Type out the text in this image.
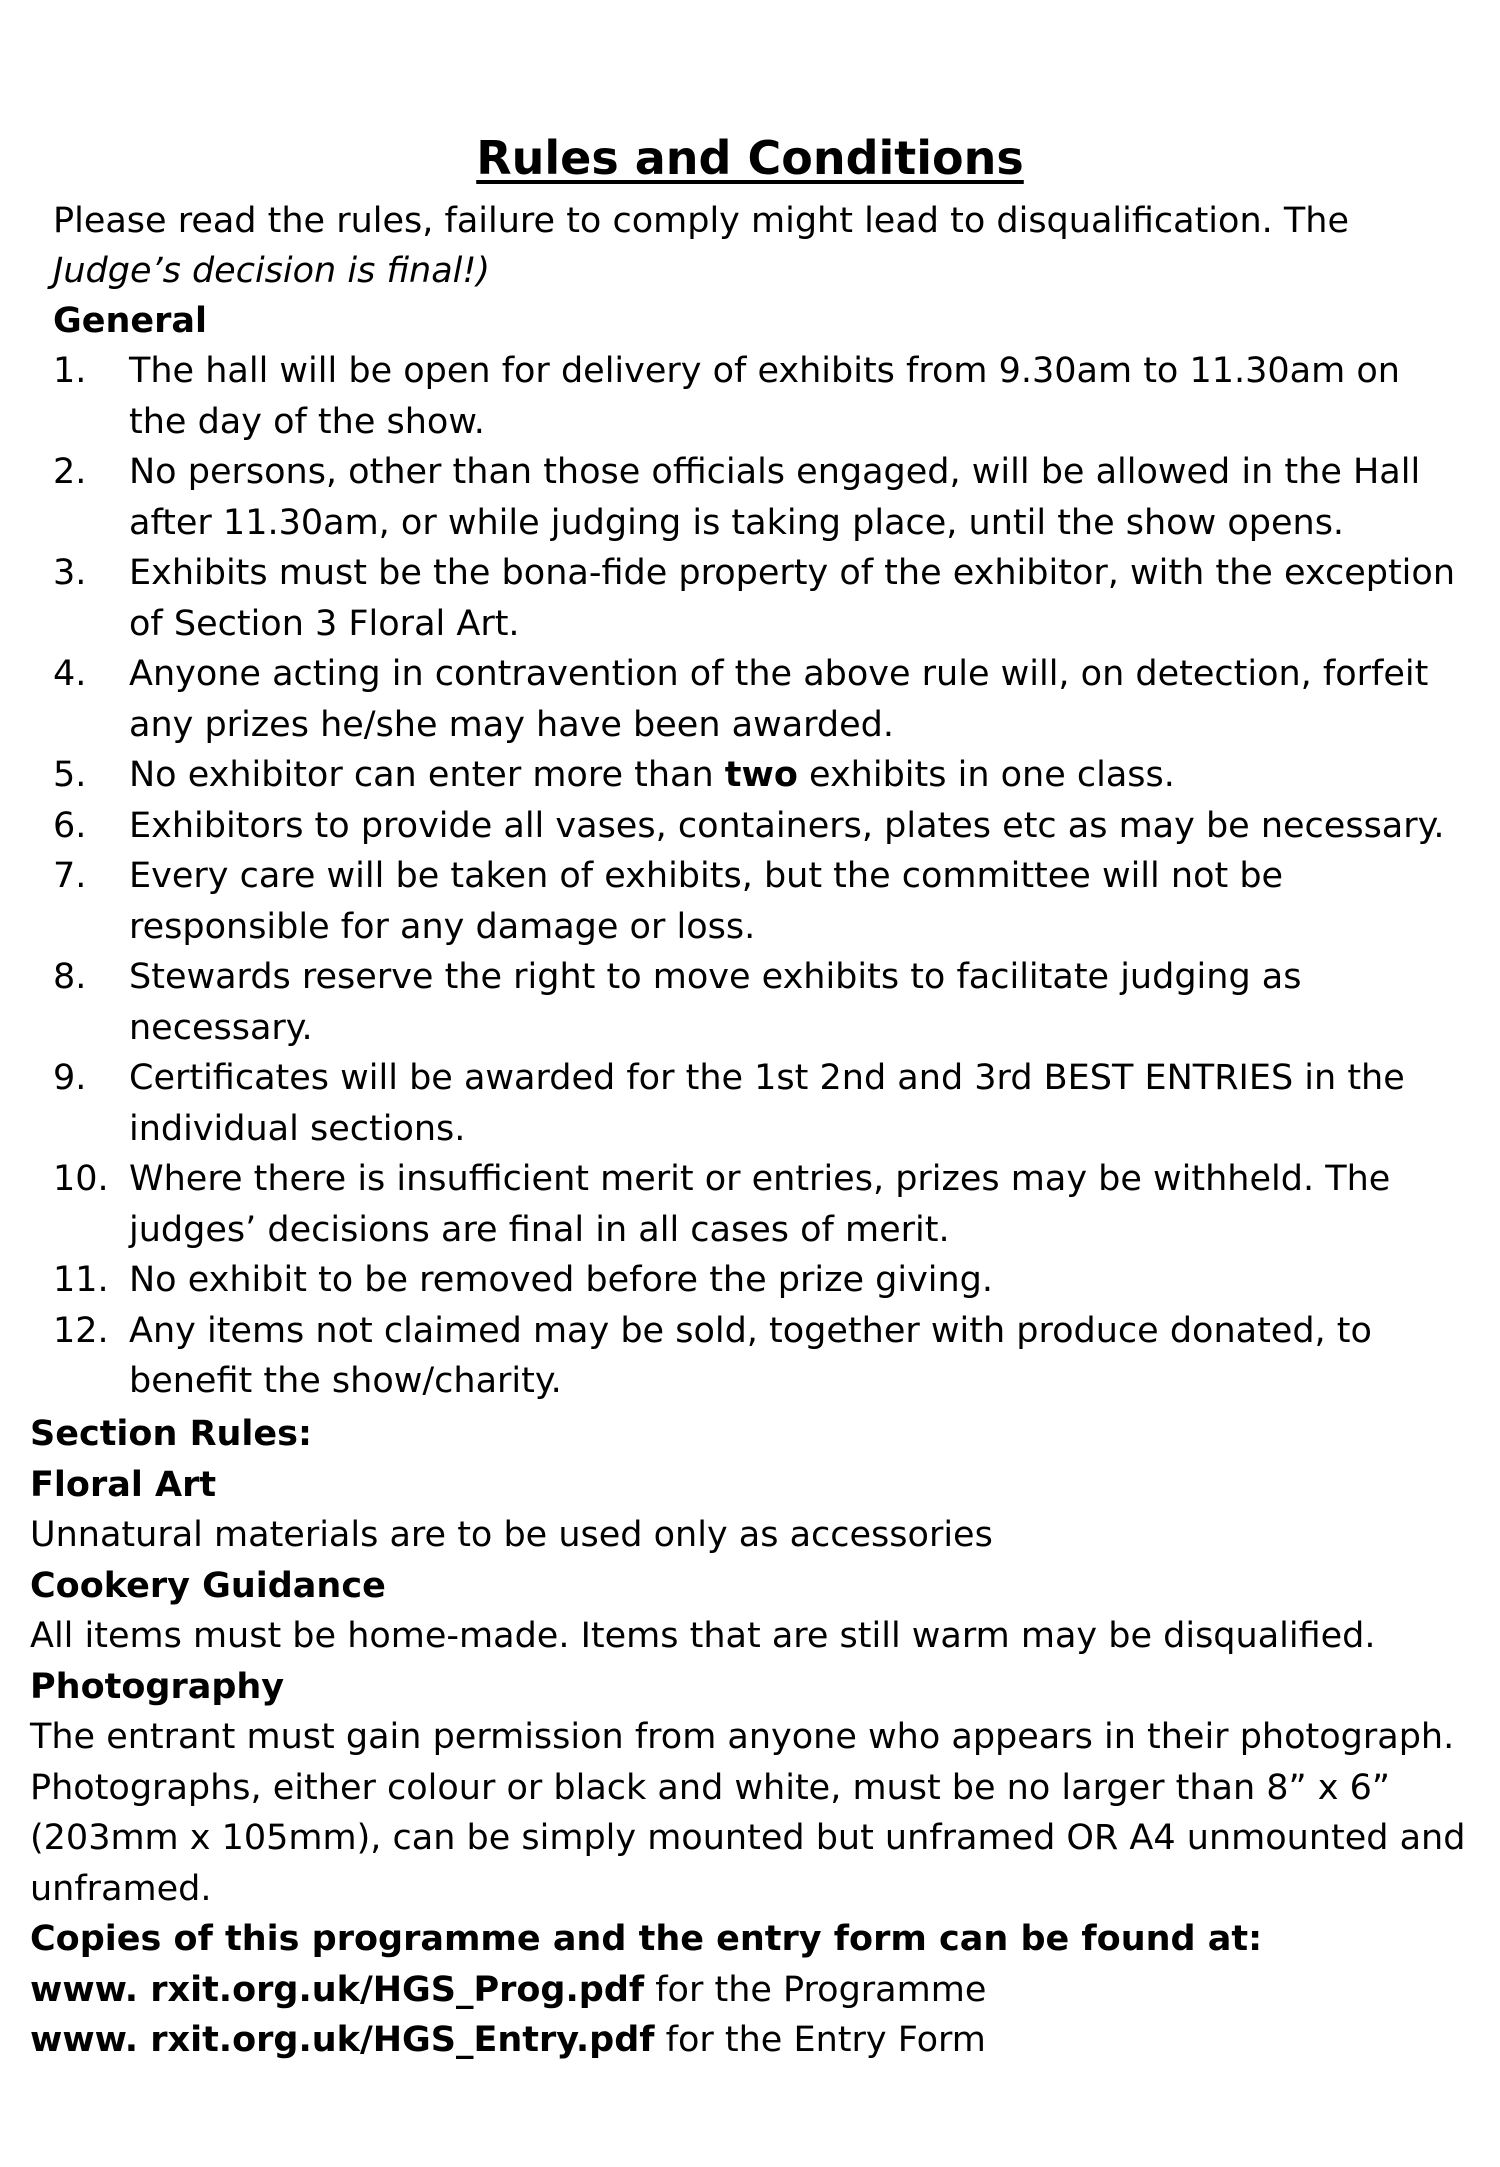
Rules and Conditions
Please read the rules, failure to comply might lead to disqualification. The
Judge’s decision is final!)
General
1. The hall will be open for delivery of exhibits from 9.30am to 11.30am on the day of the show.
2. No persons, other than those officials engaged, will be allowed in the Hall after 11.30am, or while judging is taking place, until the show opens.
3. Exhibits must be the bona-fide property of the exhibitor, with the exception of Section 3 Floral Art.
4. Anyone acting in contravention of the above rule will, on detection, forfeit any prizes he/she may have been awarded.
5. No exhibitor can enter more than two exhibits in one class.
6. Exhibitors to provide all vases, containers, plates etc as may be necessary.
7. Every care will be taken of exhibits, but the committee will not be responsible for any damage or loss.
8. Stewards reserve the right to move exhibits to facilitate judging as necessary.
9. Certificates will be awarded for the 1st 2nd and 3rd BEST ENTRIES in the individual sections.
10. Where there is insufficient merit or entries, prizes may be withheld. The judges’ decisions are final in all cases of merit.
11. No exhibit to be removed before the prize giving.
12. Any items not claimed may be sold, together with produce donated, to benefit the show/charity.

Section Rules:

Floral Art

Unnatural materials are to be used only as accessories

Cookery Guidance

All items must be home-made. Items that are still warm may be disqualified.

Photography

The entrant must gain permission from anyone who appears in their photograph. Photographs, either colour or black and white, must be no larger than 8” x 6” (203mm x 105mm), can be simply mounted but unframed OR A4 unmounted and unframed.

Copies of this programme and the entry form can be found at:

www. rxit.org.uk/HGS_Prog.pdf for the Programme

www. rxit.org.uk/HGS_Entry.pdf for the Entry Form
